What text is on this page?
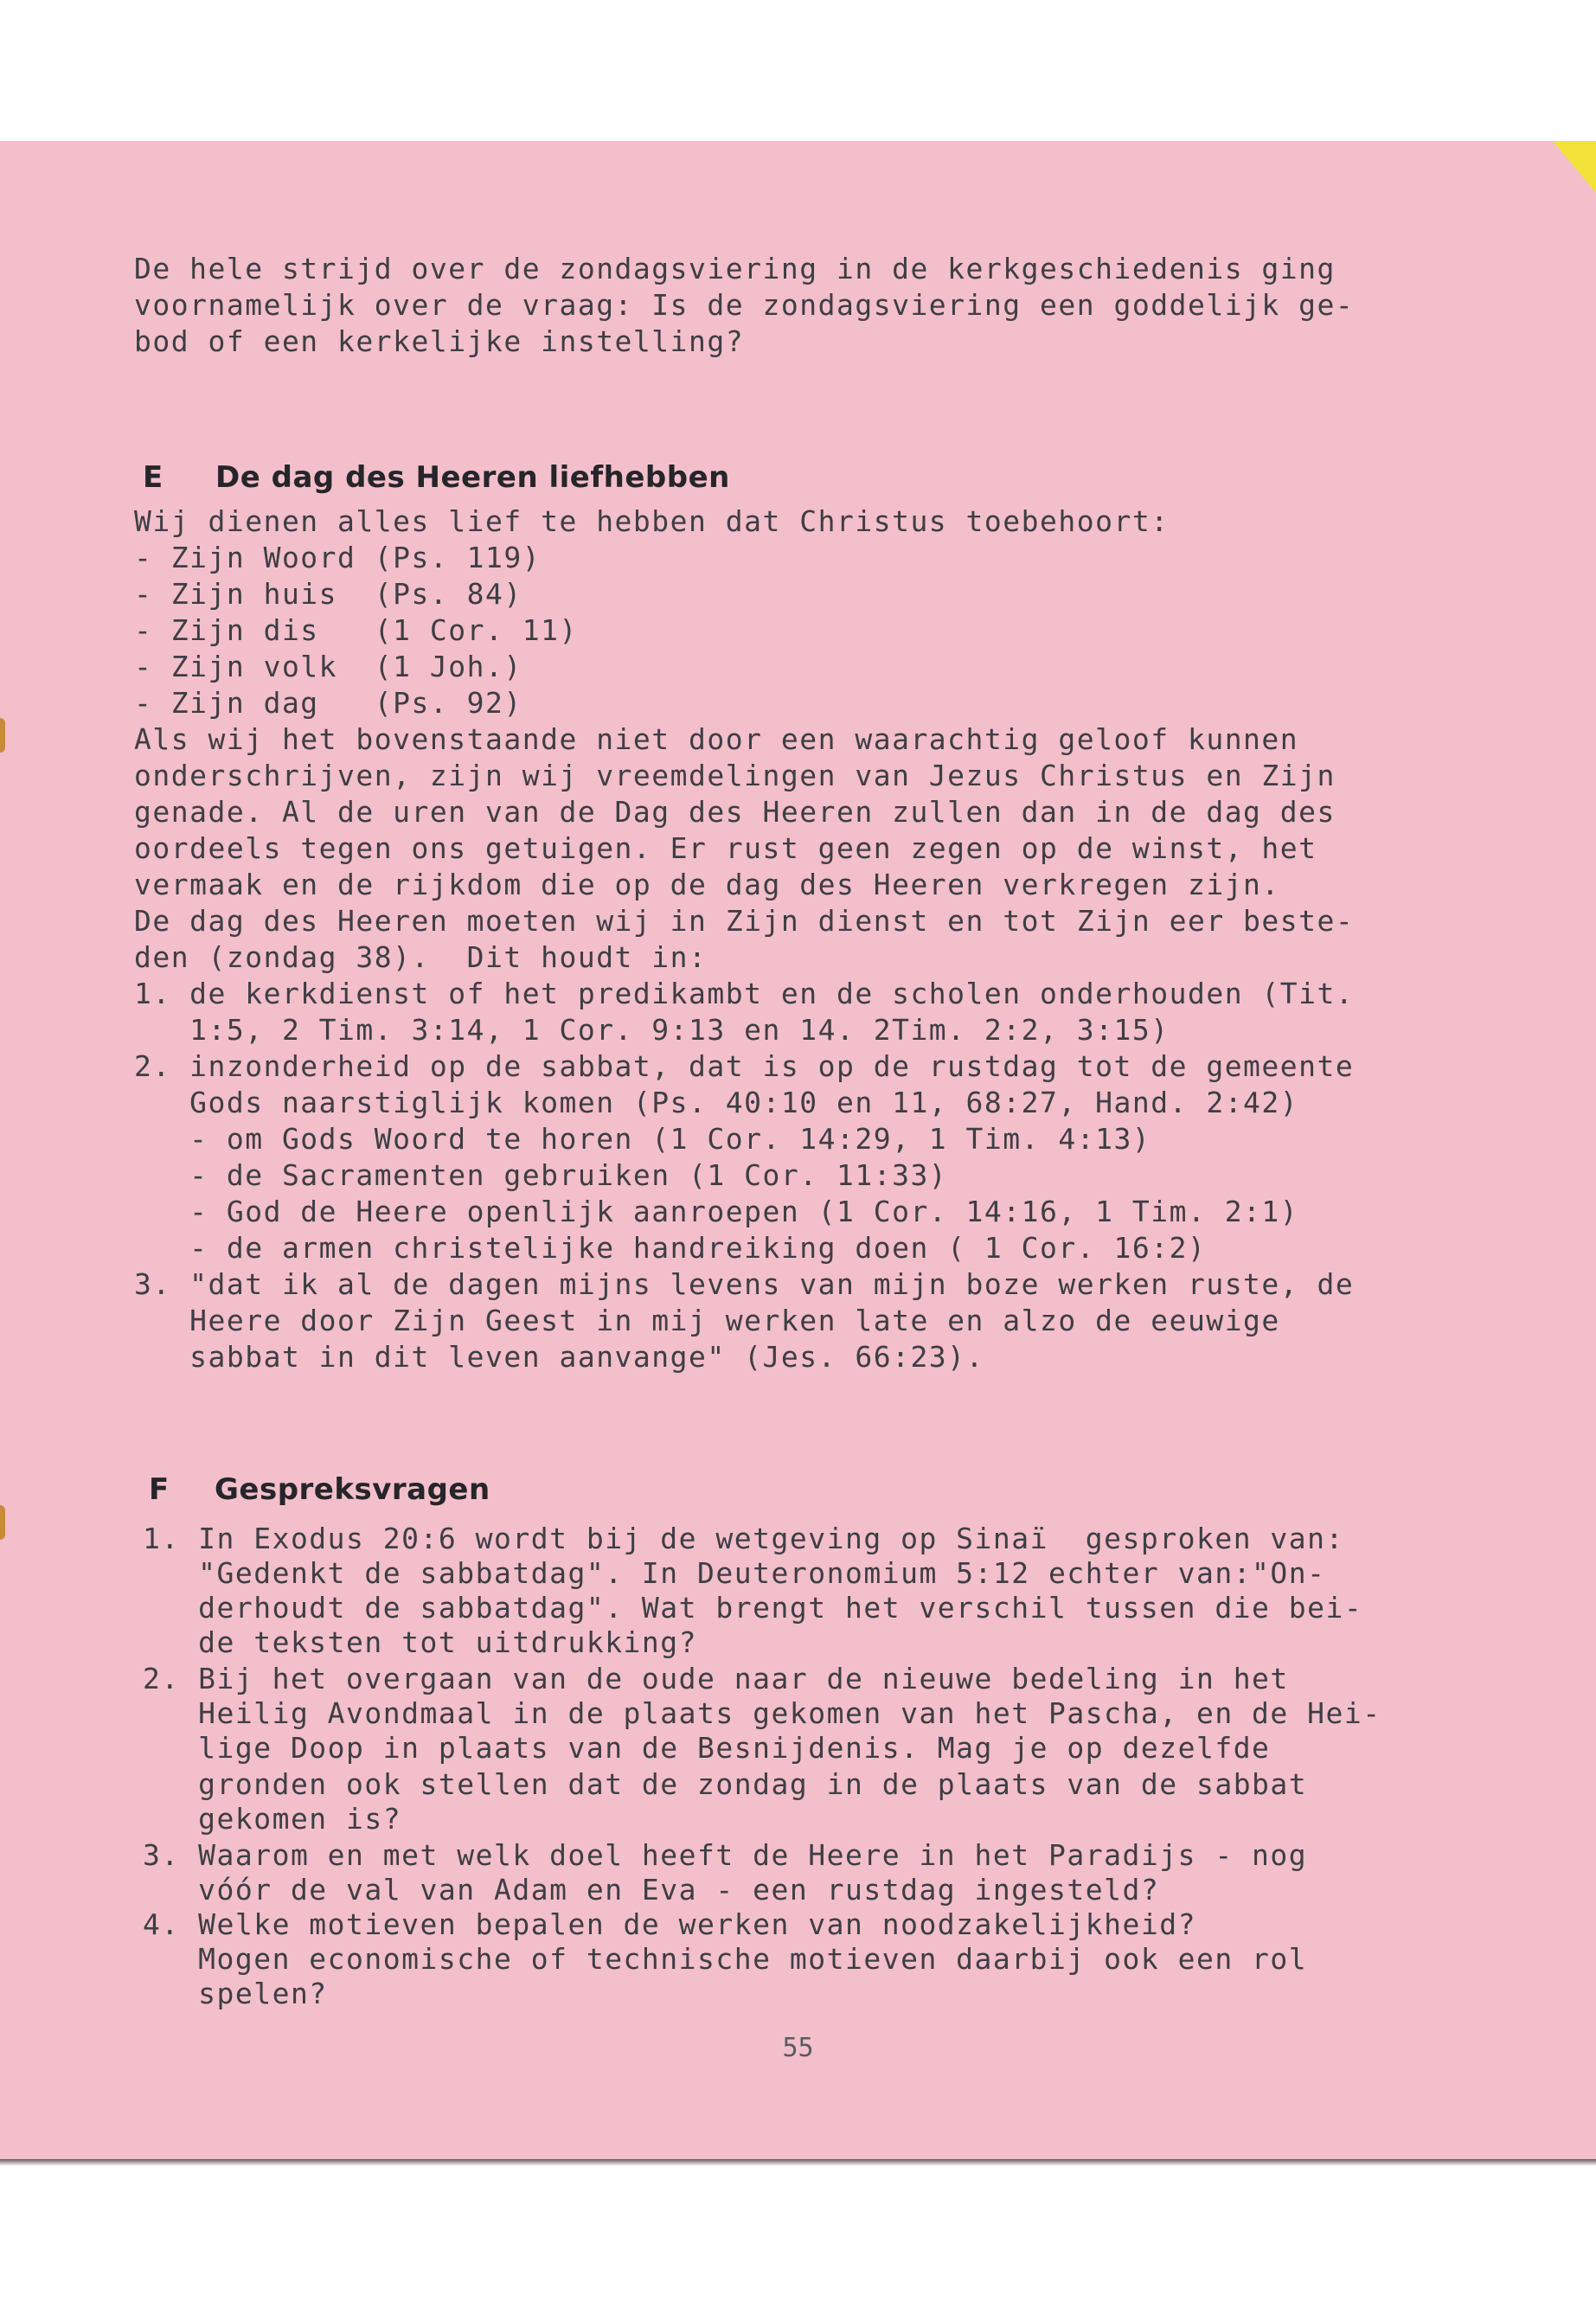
De hele strijd over de zondagsviering in de kerkgeschiedenis ging
voornamelijk over de vraag: Is de zondagsviering een goddelijk ge-
bod of een kerkelijke instelling?
E De dag des Heeren liefhebben
Wij dienen alles lief te hebben dat Christus toebehoort:
- Zijn Woord (Ps. 119)
- Zijn huis  (Ps. 84)
- Zijn dis   (1 Cor. 11)
- Zijn volk  (1 Joh.)
- Zijn dag   (Ps. 92)
Als wij het bovenstaande niet door een waarachtig geloof kunnen
onderschrijven, zijn wij vreemdelingen van Jezus Christus en Zijn
genade. Al de uren van de Dag des Heeren zullen dan in de dag des
oordeels tegen ons getuigen. Er rust geen zegen op de winst, het
vermaak en de rijkdom die op de dag des Heeren verkregen zijn.
De dag des Heeren moeten wij in Zijn dienst en tot Zijn eer beste-
den (zondag 38).  Dit houdt in:
1. de kerkdienst of het predikambt en de scholen onderhouden (Tit.
1:5, 2 Tim. 3:14, 1 Cor. 9:13 en 14. 2Tim. 2:2, 3:15)
2. inzonderheid op de sabbat, dat is op de rustdag tot de gemeente
Gods naarstiglijk komen (Ps. 40:10 en 11, 68:27, Hand. 2:42)
- om Gods Woord te horen (1 Cor. 14:29, 1 Tim. 4:13)
- de Sacramenten gebruiken (1 Cor. 11:33)
- God de Heere openlijk aanroepen (1 Cor. 14:16, 1 Tim. 2:1)
- de armen christelijke handreiking doen ( 1 Cor. 16:2)
3. "dat ik al de dagen mijns levens van mijn boze werken ruste, de
Heere door Zijn Geest in mij werken late en alzo de eeuwige
sabbat in dit leven aanvange" (Jes. 66:23).
F Gespreksvragen
1. In Exodus 20:6 wordt bij de wetgeving op Sinaï  gesproken van:
"Gedenkt de sabbatdag". In Deuteronomium 5:12 echter van:"On-
derhoudt de sabbatdag". Wat brengt het verschil tussen die bei-
de teksten tot uitdrukking?
2. Bij het overgaan van de oude naar de nieuwe bedeling in het
Heilig Avondmaal in de plaats gekomen van het Pascha, en de Hei-
lige Doop in plaats van de Besnijdenis. Mag je op dezelfde
gronden ook stellen dat de zondag in de plaats van de sabbat
gekomen is?
3. Waarom en met welk doel heeft de Heere in het Paradijs - nog
vóór de val van Adam en Eva - een rustdag ingesteld?
4. Welke motieven bepalen de werken van noodzakelijkheid?
Mogen economische of technische motieven daarbij ook een rol
spelen?
55
